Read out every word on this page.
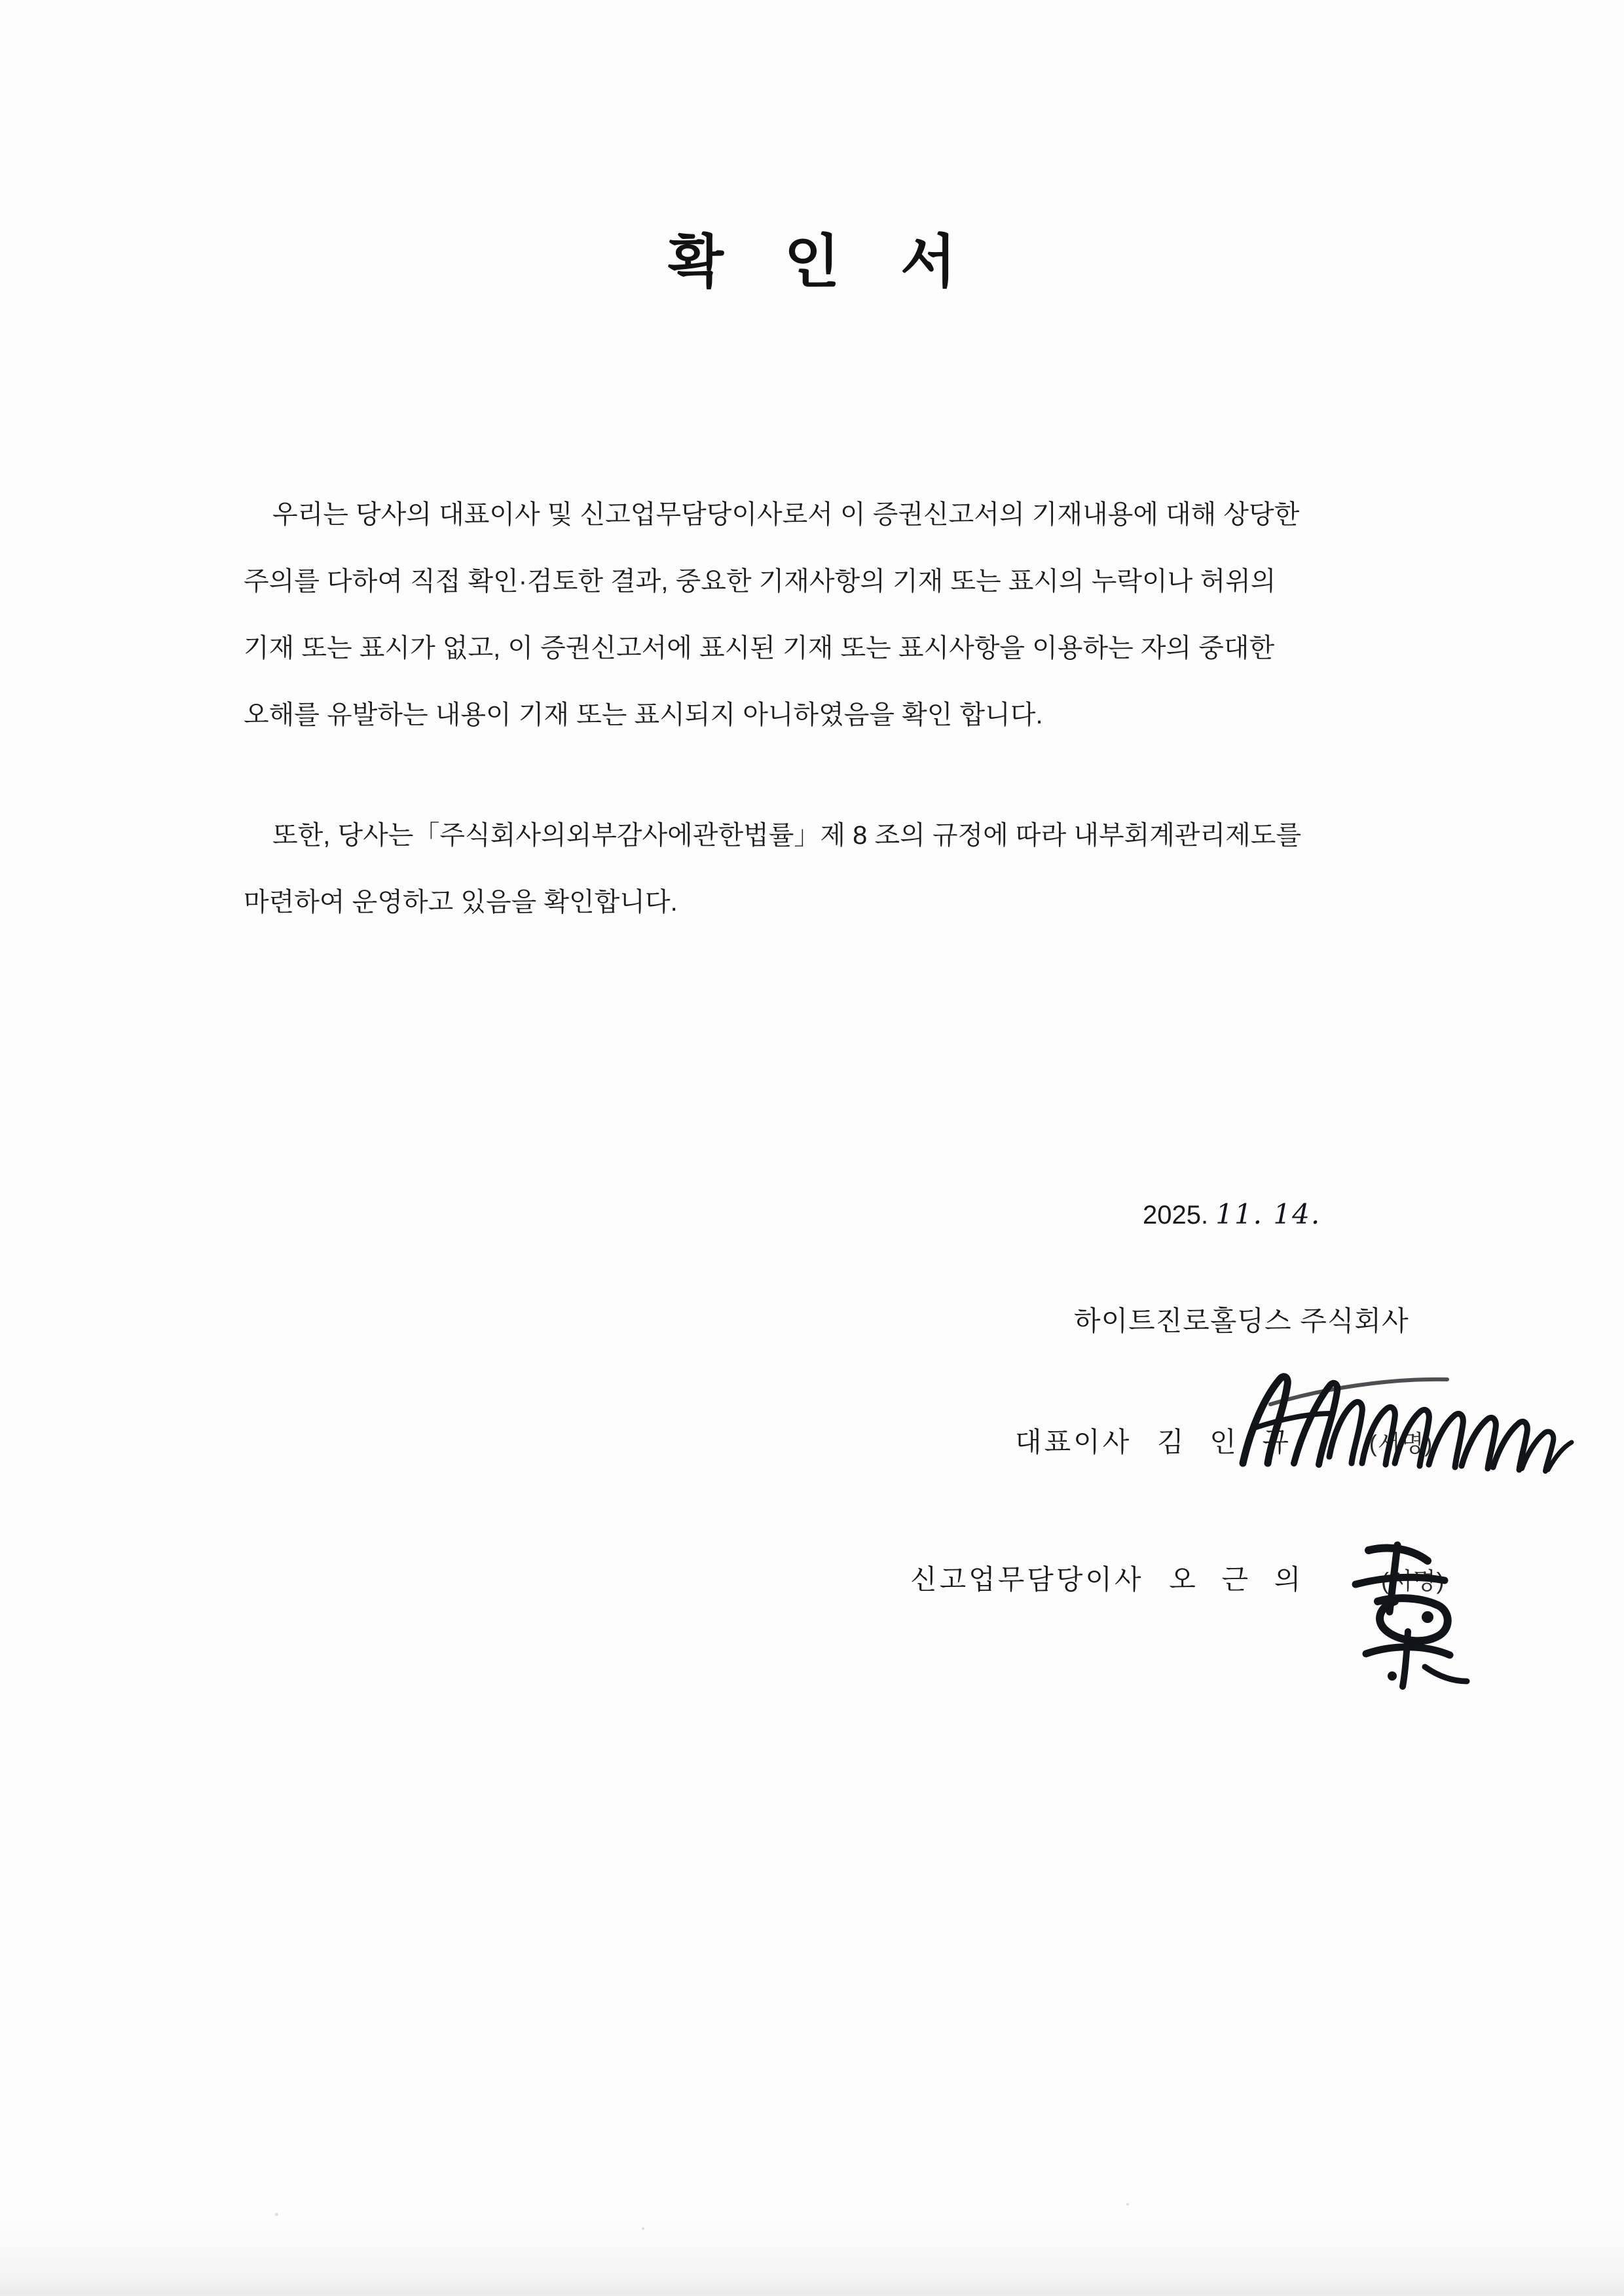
확 인 서
우리는 당사의 대표이사 및 신고업무담당이사로서 이 증권신고서의 기재내용에 대해 상당한
주의를 다하여 직접 확인·검토한 결과, 중요한 기재사항의 기재 또는 표시의 누락이나 허위의
기재 또는 표시가 없고, 이 증권신고서에 표시된 기재 또는 표시사항을 이용하는 자의 중대한
오해를 유발하는 내용이 기재 또는 표시되지 아니하였음을 확인 합니다.
또한, 당사는「주식회사의외부감사에관한법률」제 8 조의 규정에 따라 내부회계관리제도를
마련하여 운영하고 있음을 확인합니다.
2025. 11. 14.
하이트진로홀딩스 주식회사
대표이사 김 인 규	(서명)
신고업무담당이사 오 근 의	(서명)
